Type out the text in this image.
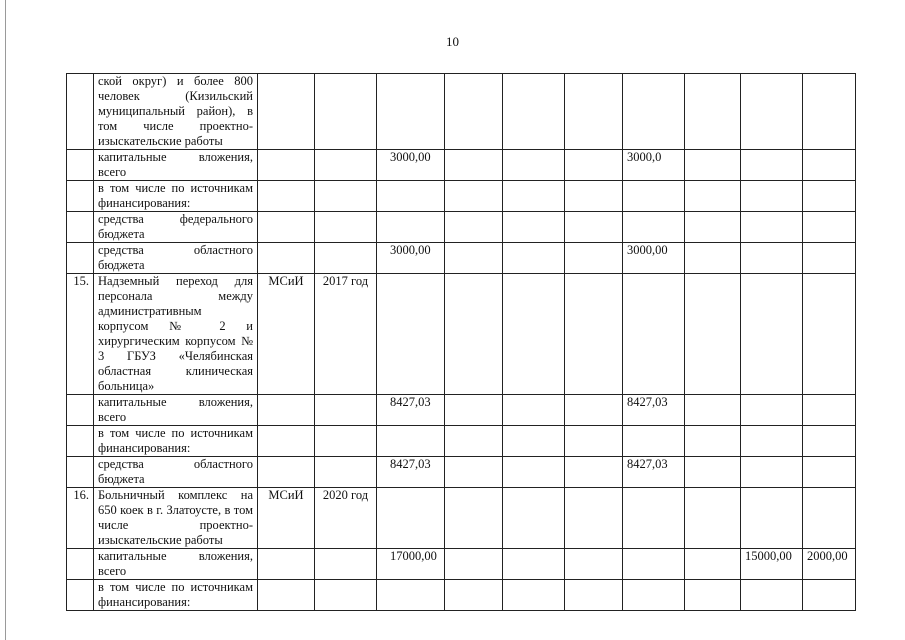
10
	ской округ) и более 800 человек (Кизильский муниципальный район), в том числе проектно-изыскательские работы										
	капитальные вложения, всего			3000,00				3000,0			
	в том числе по источникам финансирования:										
	средства федерального бюджета										
	средства областного бюджета			3000,00				3000,00			
15.	Надземный переход для персонала между административным корпусом № 2 и хирургическим корпусом № 3 ГБУЗ «Челябинская областная клиническая больница»	МСиИ	2017 год								
	капитальные вложения, всего			8427,03				8427,03			
	в том числе по источникам финансирования:										
	средства областного бюджета			8427,03				8427,03			
16.	Больничный комплекс на 650 коек в г. Златоусте, в том числе проектно-изыскательские работы	МСиИ	2020 год								
	капитальные вложения, всего			17000,00						15000,00	2000,00
	в том числе по источникам финансирования:										
